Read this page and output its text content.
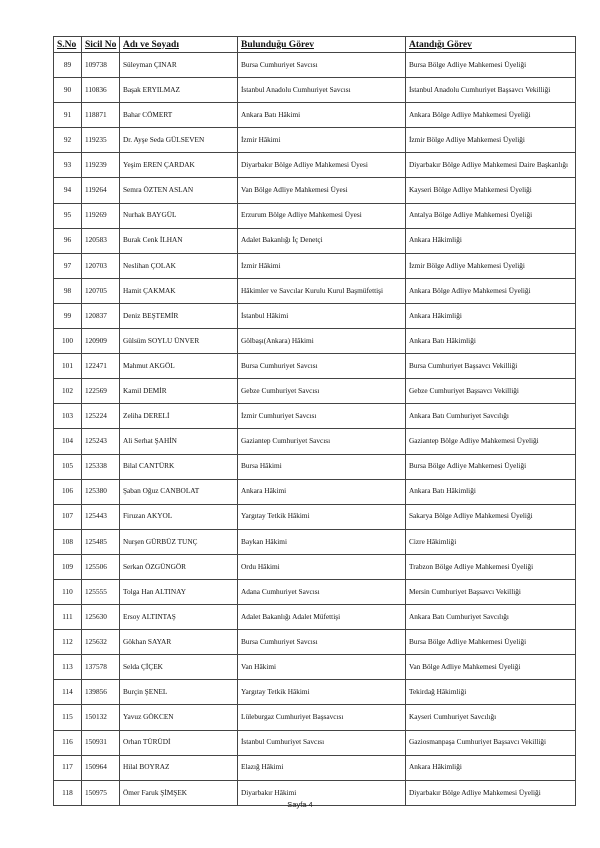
S.No	Sicil No	Adı ve Soyadı	Bulunduğu Görev	Atandığı Görev
89	109738	Süleyman ÇINAR	Bursa Cumhuriyet Savcısı	Bursa Bölge Adliye Mahkemesi Üyeliği
90	110836	Başak ERYILMAZ	İstanbul Anadolu Cumhuriyet Savcısı	İstanbul Anadolu Cumhuriyet Başsavcı Vekilliği
91	118871	Bahar CÖMERT	Ankara Batı Hâkimi	Ankara Bölge Adliye Mahkemesi Üyeliği
92	119235	Dr. Ayşe Seda GÜLSEVEN	İzmir Hâkimi	İzmir Bölge Adliye Mahkemesi Üyeliği
93	119239	Yeşim EREN ÇARDAK	Diyarbakır Bölge Adliye Mahkemesi Üyesi	Diyarbakır Bölge Adliye Mahkemesi Daire Başkanlığı
94	119264	Semra ÖZTEN ASLAN	Van Bölge Adliye Mahkemesi Üyesi	Kayseri Bölge Adliye Mahkemesi Üyeliği
95	119269	Nurhak BAYGÜL	Erzurum Bölge Adliye Mahkemesi Üyesi	Antalya Bölge Adliye Mahkemesi Üyeliği
96	120583	Burak Cenk İLHAN	Adalet Bakanlığı İç Denetçi	Ankara Hâkimliği
97	120703	Neslihan ÇOLAK	İzmir Hâkimi	İzmir Bölge Adliye Mahkemesi Üyeliği
98	120705	Hamit ÇAKMAK	Hâkimler ve Savcılar Kurulu Kurul Başmüfettişi	Ankara Bölge Adliye Mahkemesi Üyeliği
99	120837	Deniz BEŞTEMİR	İstanbul Hâkimi	Ankara Hâkimliği
100	120909	Gülsüm SOYLU ÜNVER	Gölbaşı(Ankara) Hâkimi	Ankara Batı Hâkimliği
101	122471	Mahmut AKGÖL	Bursa Cumhuriyet Savcısı	Bursa Cumhuriyet Başsavcı Vekilliği
102	122569	Kamil DEMİR	Gebze Cumhuriyet Savcısı	Gebze Cumhuriyet Başsavcı Vekilliği
103	125224	Zeliha DERELİ	İzmir Cumhuriyet Savcısı	Ankara Batı Cumhuriyet Savcılığı
104	125243	Ali Serhat ŞAHİN	Gaziantep Cumhuriyet Savcısı	Gaziantep Bölge Adliye Mahkemesi Üyeliği
105	125338	Bilal CANTÜRK	Bursa Hâkimi	Bursa Bölge Adliye Mahkemesi Üyeliği
106	125380	Şaban Oğuz CANBOLAT	Ankara Hâkimi	Ankara Batı Hâkimliği
107	125443	Firuzan AKYOL	Yargıtay Tetkik Hâkimi	Sakarya Bölge Adliye Mahkemesi Üyeliği
108	125485	Nurşen GÜRBÜZ TUNÇ	Baykan Hâkimi	Cizre Hâkimliği
109	125506	Serkan ÖZGÜNGÖR	Ordu Hâkimi	Trabzon Bölge Adliye Mahkemesi Üyeliği
110	125555	Tolga Han ALTINAY	Adana Cumhuriyet Savcısı	Mersin Cumhuriyet Başsavcı Vekilliği
111	125630	Ersoy ALTINTAŞ	Adalet Bakanlığı Adalet Müfettişi	Ankara Batı Cumhuriyet Savcılığı
112	125632	Gökhan SAYAR	Bursa Cumhuriyet Savcısı	Bursa Bölge Adliye Mahkemesi Üyeliği
113	137578	Selda ÇİÇEK	Van Hâkimi	Van Bölge Adliye Mahkemesi Üyeliği
114	139856	Burçin ŞENEL	Yargıtay Tetkik Hâkimi	Tekirdağ Hâkimliği
115	150132	Yavuz GÖKCEN	Lüleburgaz Cumhuriyet Başsavcısı	Kayseri Cumhuriyet Savcılığı
116	150931	Orhan TÜRÜDİ	İstanbul Cumhuriyet Savcısı	Gaziosmanpaşa Cumhuriyet Başsavcı Vekilliği
117	150964	Hilal BOYRAZ	Elazığ Hâkimi	Ankara Hâkimliği
118	150975	Ömer Faruk ŞİMŞEK	Diyarbakır Hâkimi	Diyarbakır Bölge Adliye Mahkemesi Üyeliği
Sayfa 4
